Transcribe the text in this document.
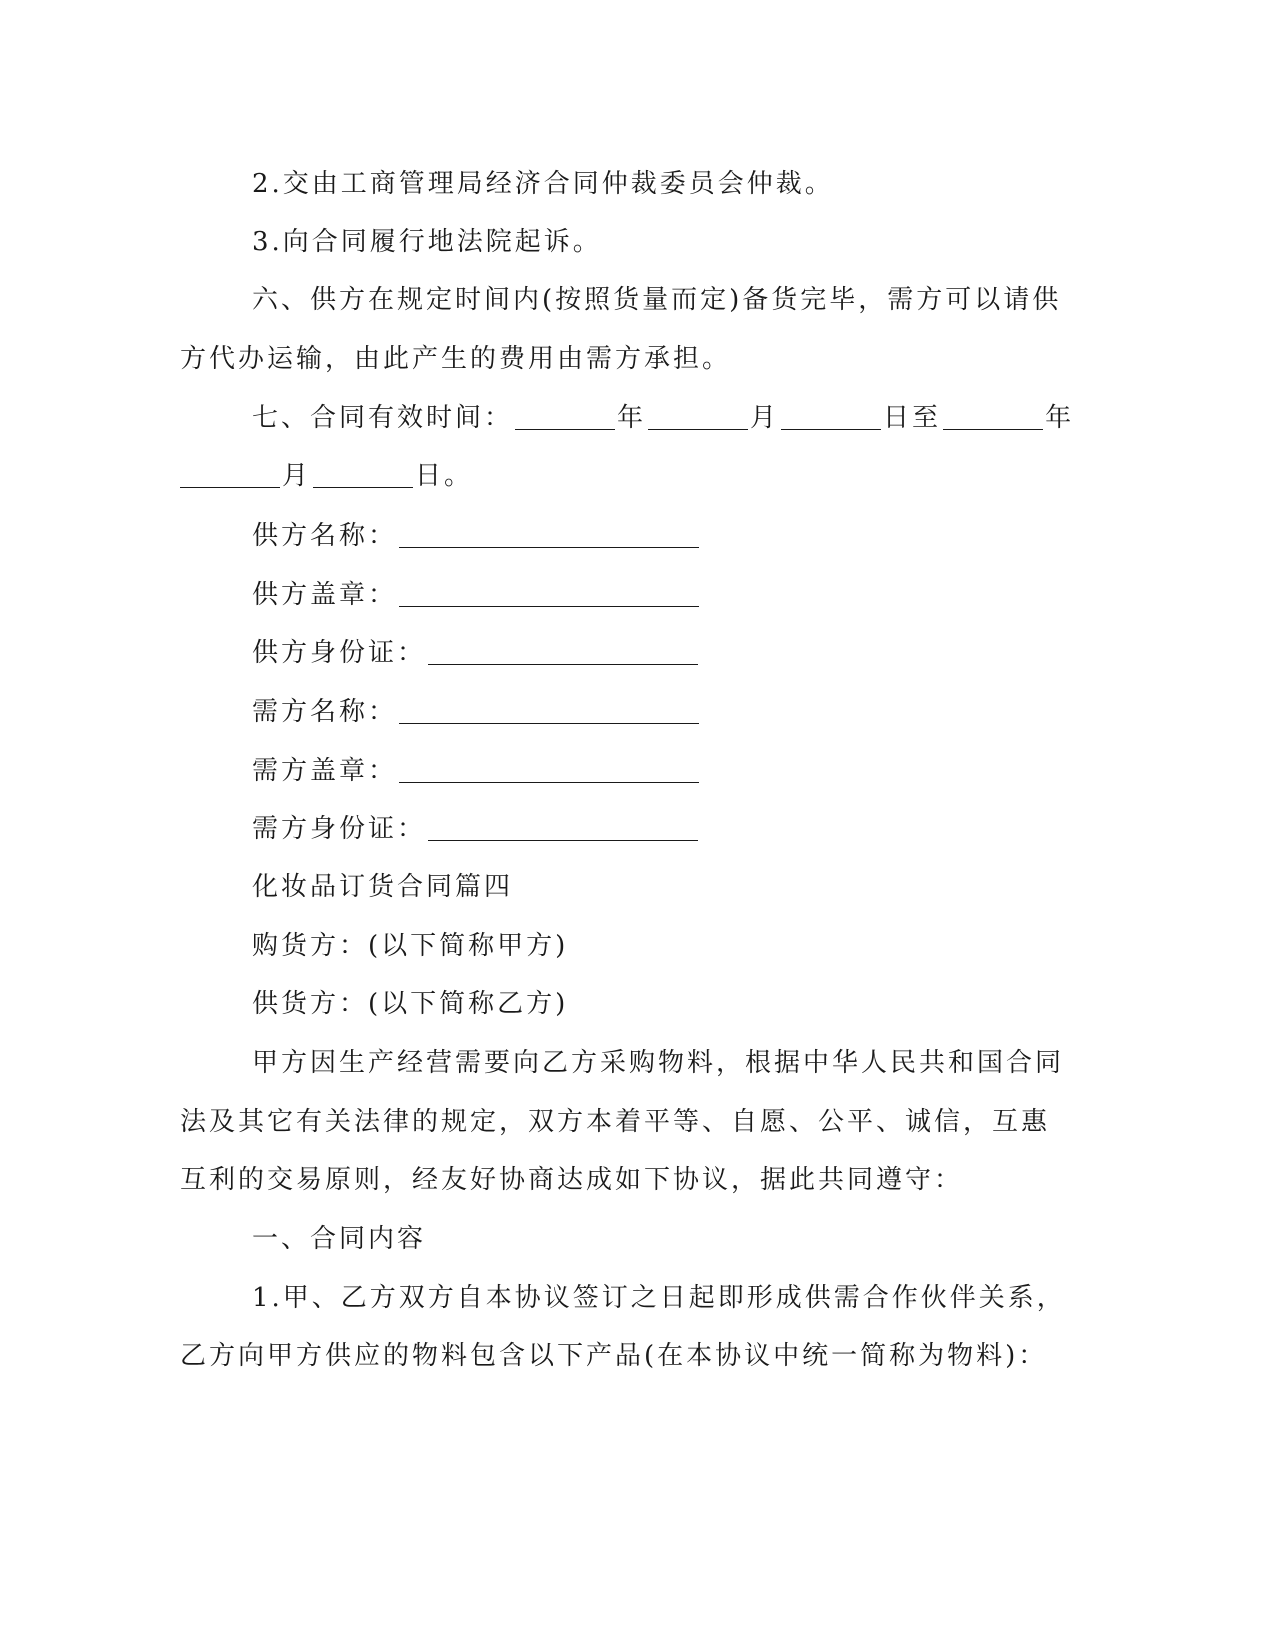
2.交由工商管理局经济合同仲裁委员会仲裁。
3.向合同履行地法院起诉。
六、供方在规定时间内(按照货量而定)备货完毕，需方可以请供
方代办运输，由此产生的费用由需方承担。
七、合同有效时间：	年	月	日至	年
月	日。
供方名称：
供方盖章：
供方身份证：
需方名称：
需方盖章：
需方身份证：
化妆品订货合同篇四
购货方：(以下简称甲方)
供货方：(以下简称乙方)
甲方因生产经营需要向乙方采购物料，根据中华人民共和国合同
法及其它有关法律的规定，双方本着平等、自愿、公平、诚信，互惠
互利的交易原则，经友好协商达成如下协议，据此共同遵守：
一、合同内容
1.甲、乙方双方自本协议签订之日起即形成供需合作伙伴关系，
乙方向甲方供应的物料包含以下产品(在本协议中统一简称为物料)：
